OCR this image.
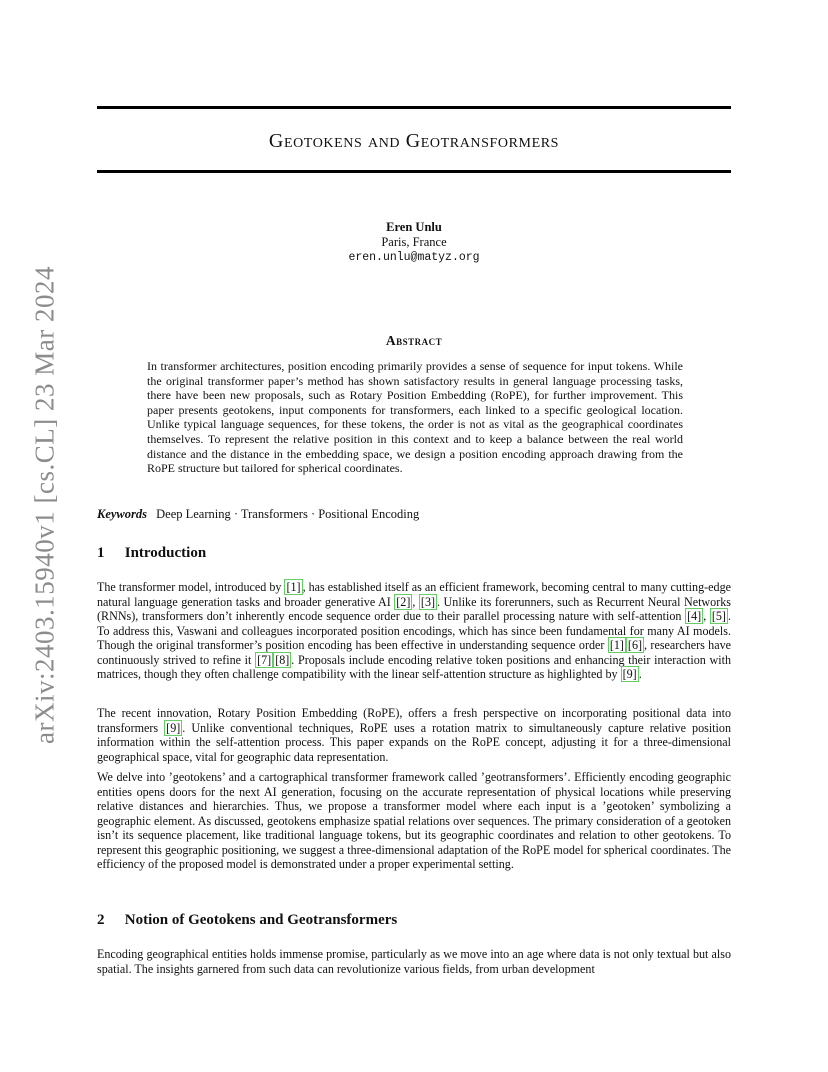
arXiv:2403.15940v1 [cs.CL] 23 Mar 2024
Geotokens and Geotransformers
Eren Unlu
Paris, France
eren.unlu@matyz.org
Abstract

In transformer architectures, position encoding primarily provides a sense of sequence for input tokens. While the original transformer paper’s method has shown satisfactory results in general language processing tasks, there have been new proposals, such as Rotary Position Embedding (RoPE), for further improvement. This paper presents geotokens, input components for transformers, each linked to a specific geological location. Unlike typical language sequences, for these tokens, the order is not as vital as the geographical coordinates themselves. To represent the relative position in this context and to keep a balance between the real world distance and the distance in the embedding space, we design a position encoding approach drawing from the RoPE structure but tailored for spherical coordinates.

Keywords Deep Learning · Transformers · Positional Encoding
1 Introduction

The transformer model, introduced by [1] , has established itself as an efficient framework, becoming central to many cutting-edge natural language generation tasks and broader generative AI [2] , [3] . Unlike its forerunners, such as Recurrent Neural Networks (RNNs), transformers don’t inherently encode sequence order due to their parallel processing nature with self-attention [4] , [5] . To address this, Vaswani and colleagues incorporated position encodings, which has since been fundamental for many AI models. Though the original transformer’s position encoding has been effective in understanding sequence order [1] [6] , researchers have continuously strived to refine it [7] [8] . Proposals include encoding relative token positions and enhancing their interaction with matrices, though they often challenge compatibility with the linear self-attention structure as highlighted by [9] .

The recent innovation, Rotary Position Embedding (RoPE), offers a fresh perspective on incorporating positional data into transformers [9] . Unlike conventional techniques, RoPE uses a rotation matrix to simultaneously capture relative position information within the self-attention process. This paper expands on the RoPE concept, adjusting it for a three-dimensional geographical space, vital for geographic data representation.

We delve into ’geotokens’ and a cartographical transformer framework called ’geotransformers’. Efficiently encoding geographic entities opens doors for the next AI generation, focusing on the accurate representation of physical locations while preserving relative distances and hierarchies. Thus, we propose a transformer model where each input is a ’geotoken’ symbolizing a geographic element. As discussed, geotokens emphasize spatial relations over sequences. The primary consideration of a geotoken isn’t its sequence placement, like traditional language tokens, but its geographic coordinates and relation to other geotokens. To represent this geographic positioning, we suggest a three-dimensional adaptation of the RoPE model for spherical coordinates. The efficiency of the proposed model is demonstrated under a proper experimental setting.

2 Notion of Geotokens and Geotransformers

Encoding geographical entities holds immense promise, particularly as we move into an age where data is not only textual but also spatial. The insights garnered from such data can revolutionize various fields, from urban development
